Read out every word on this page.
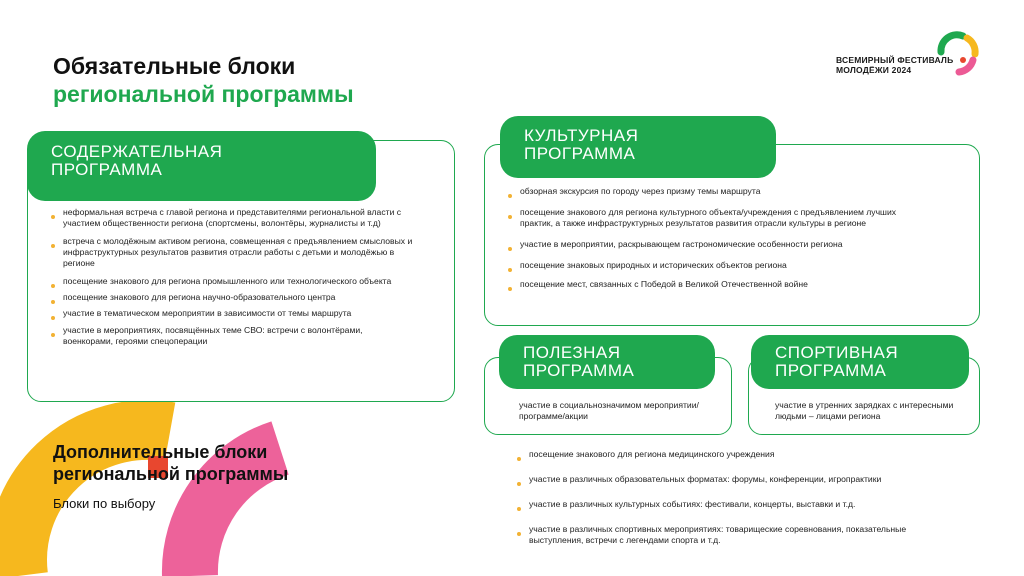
Обязательные блоки
региональной программы
ВСЕМИРНЫЙ ФЕСТИВАЛЬ
МОЛОДЁЖИ 2024
СОДЕРЖАТЕЛЬНАЯ
ПРОГРАММА
неформальная встреча с главой региона и представителями региональной власти с участием общественности региона (спортсмены, волонтёры, журналисты и т.д)
встреча с молодёжным активом региона, совмещенная с предъявлением смысловых и инфраструктурных результатов развития отрасли работы с детьми и молодёжью в регионе
посещение знакового для региона промышленного или технологического объекта
посещение знакового для региона научно-образовательного центра
участие в тематическом мероприятии в зависимости от темы маршрута
участие в мероприятиях, посвящённых теме СВО: встречи с волонтёрами, военкорами, героями спецоперации
КУЛЬТУРНАЯ
ПРОГРАММА
обзорная экскурсия по городу через призму темы маршрута
посещение знакового для региона культурного объекта/учреждения с предъявлением лучших практик, а также инфраструктурных результатов развития отрасли культуры в регионе
участие в мероприятии, раскрывающем гастрономические особенности региона
посещение знаковых природных и исторических объектов региона
посещение мест, связанных с Победой в Великой Отечественной войне
ПОЛЕЗНАЯ
ПРОГРАММА
участие в социальнозначимом мероприятии/программе/акции
СПОРТИВНАЯ
ПРОГРАММА
участие в утренних зарядках с интересными людьми – лицами региона
Дополнительные блоки
региональной программы
Блоки по выбору
посещение знакового для региона медицинского учреждения
участие в различных образовательных форматах: форумы, конференции, игропрактики
участие в различных культурных событиях: фестивали, концерты, выставки и т.д.
участие в различных спортивных мероприятиях: товарищеские соревнования, показательные выступления, встречи с легендами спорта и т.д.
